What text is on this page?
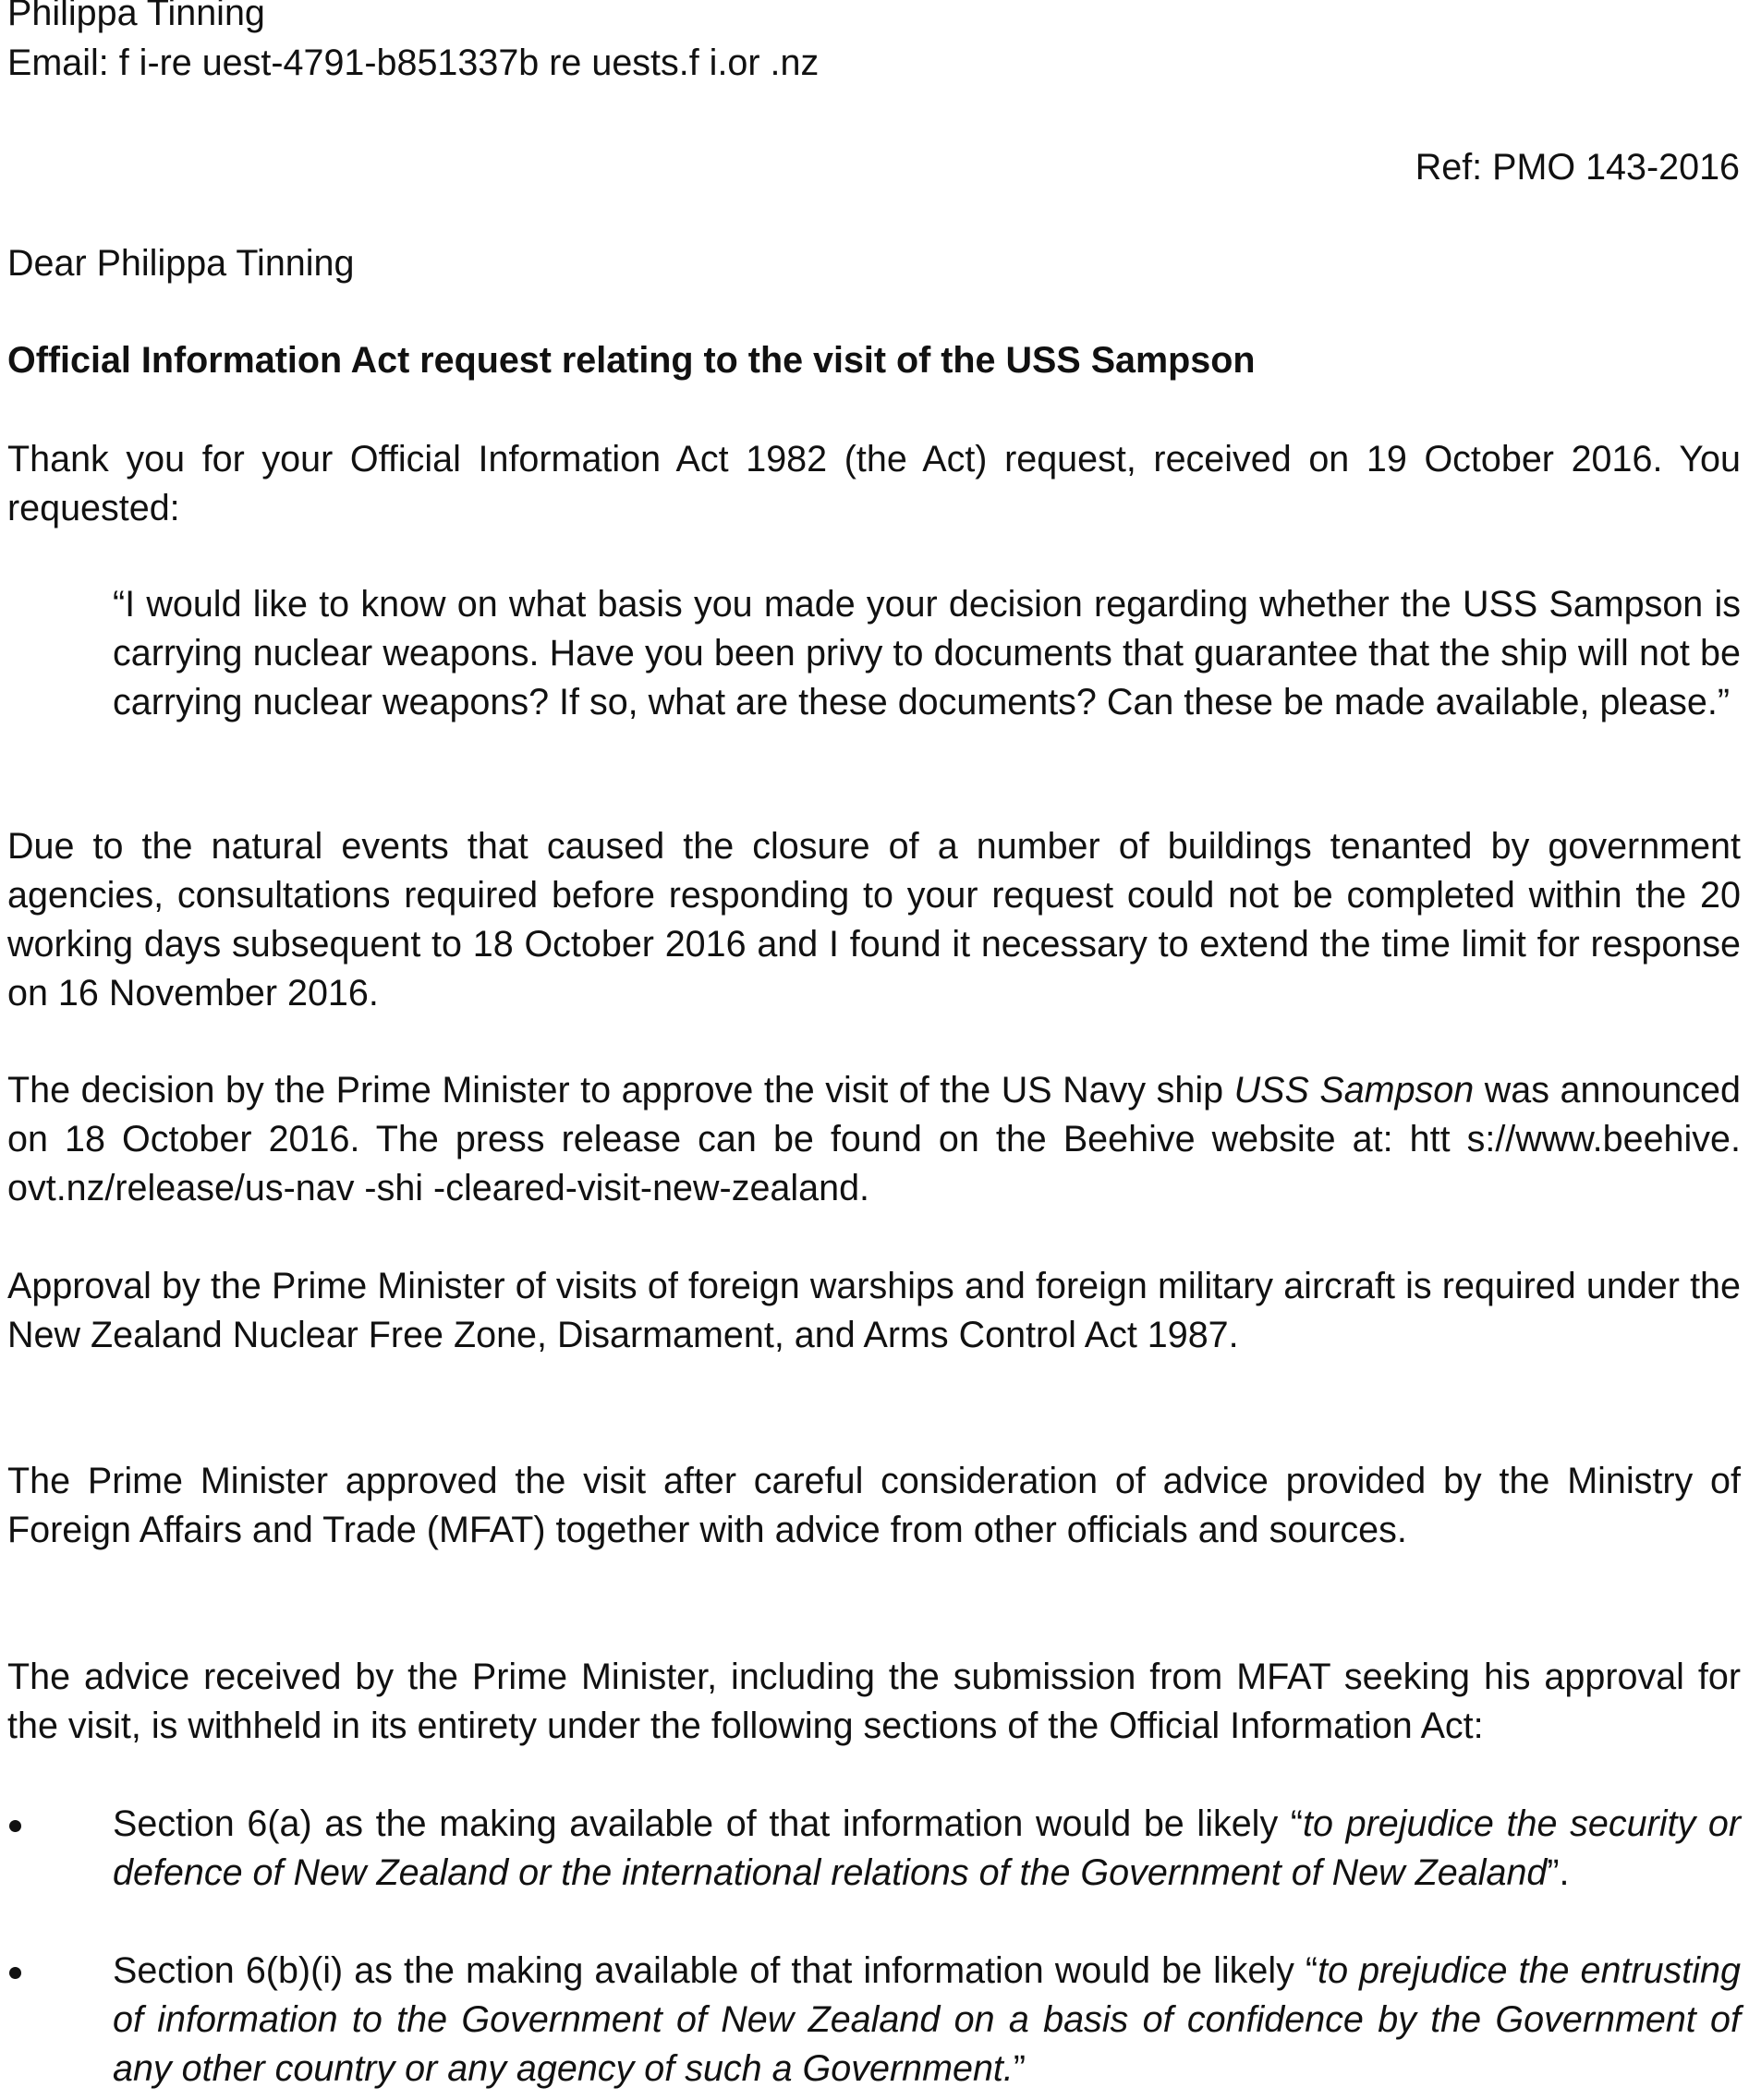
Philippa Tinning

Email: f i-re uest-4791-b851337b re uests.f i.or .nz

Ref: PMO 143-2016

Dear Philippa Tinning

Official Information Act request relating to the visit of the USS Sampson

Thank you for your Official Information Act 1982 (the Act) request, received on 19 October 2016. You requested:

“I would like to know on what basis you made your decision regarding whether the USS Sampson is carrying nuclear weapons. Have you been privy to documents that guarantee that the ship will not be carrying nuclear weapons? If so, what are these documents? Can these be made available, please.”

Due to the natural events that caused the closure of a number of buildings tenanted by government agencies, consultations required before responding to your request could not be completed within the 20 working days subsequent to 18 October 2016 and I found it necessary to extend the time limit for response on 16 November 2016.

The decision by the Prime Minister to approve the visit of the US Navy ship USS Sampson was announced on 18 October 2016. The press release can be found on the Beehive website at: htt s://www.beehive. ovt.nz/release/us-nav -shi -cleared-visit-new-zealand.

Approval by the Prime Minister of visits of foreign warships and foreign military aircraft is required under the New Zealand Nuclear Free Zone, Disarmament, and Arms Control Act 1987.

The Prime Minister approved the visit after careful consideration of advice provided by the Ministry of Foreign Affairs and Trade (MFAT) together with advice from other officials and sources.

The advice received by the Prime Minister, including the submission from MFAT seeking his approval for the visit, is withheld in its entirety under the following sections of the Official Information Act:

Section 6(a) as the making available of that information would be likely “to prejudice the security or defence of New Zealand or the international relations of the Government of New Zealand”.

Section 6(b)(i) as the making available of that information would be likely “to prejudice the entrusting of information to the Government of New Zealand on a basis of confidence by the Government of any other country or any agency of such a Government.”
